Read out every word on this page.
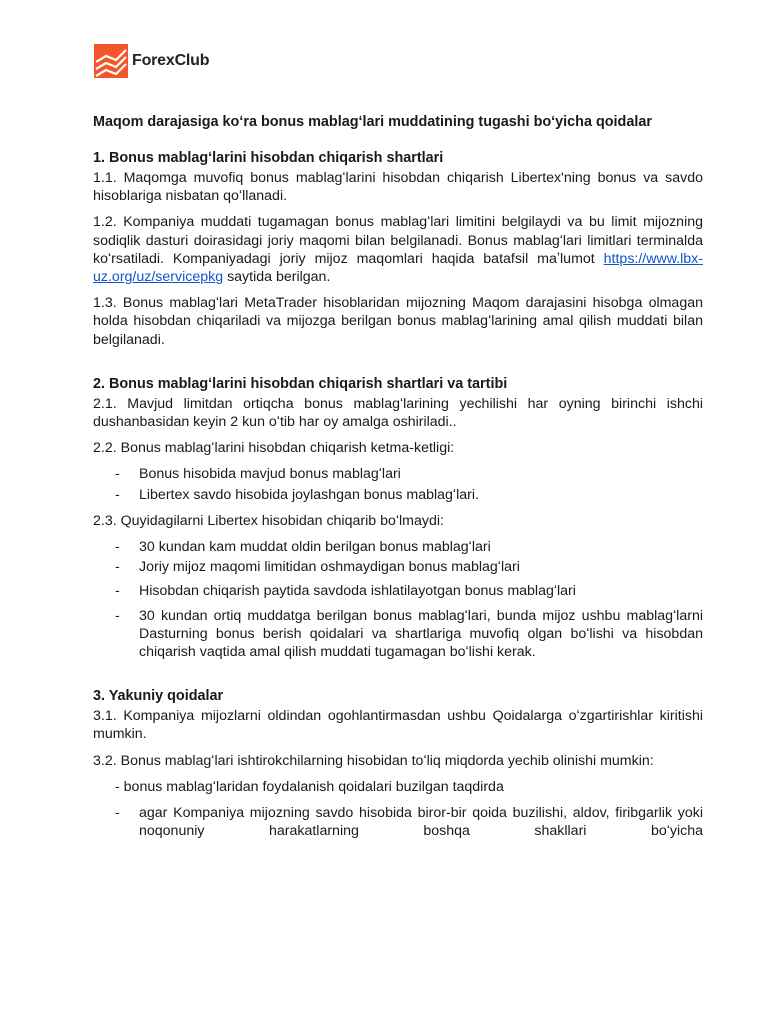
ForexClub
Maqom darajasiga koʻra bonus mablagʻlari muddatining tugashi boʻyicha qoidalar
1. Bonus mablagʻlarini hisobdan chiqarish shartlari

1.1. Maqomga muvofiq bonus mablagʻlarini hisobdan chiqarish Libertex'ning bonus va savdo hisoblariga nisbatan qoʻllanadi.

1.2. Kompaniya muddati tugamagan bonus mablagʻlari limitini belgilaydi va bu limit mijozning sodiqlik dasturi doirasidagi joriy maqomi bilan belgilanadi. Bonus mablagʻlari limitlari terminalda koʻrsatiladi. Kompaniyadagi joriy mijoz maqomlari haqida batafsil maʼlumot https://www.lbx-uz.org/uz/servicepkg saytida berilgan.

1.3. Bonus mablagʻlari MetaTrader hisoblaridan mijozning Maqom darajasini hisobga olmagan holda hisobdan chiqariladi va mijozga berilgan bonus mablagʻlarining amal qilish muddati bilan belgilanadi.

2. Bonus mablagʻlarini hisobdan chiqarish shartlari va tartibi

2.1. Mavjud limitdan ortiqcha bonus mablagʻlarining yechilishi har oyning birinchi ishchi dushanbasidan keyin 2 kun oʻtib har oy amalga oshiriladi..

2.2. Bonus mablagʻlarini hisobdan chiqarish ketma-ketligi:

- Bonus hisobida mavjud bonus mablagʻlari
- Libertex savdo hisobida joylashgan bonus mablagʻlari.

2.3. Quyidagilarni Libertex hisobidan chiqarib boʻlmaydi:

- 30 kundan kam muddat oldin berilgan bonus mablagʻlari
- Joriy mijoz maqomi limitidan oshmaydigan bonus mablagʻlari
- Hisobdan chiqarish paytida savdoda ishlatilayotgan bonus mablagʻlari
- 30 kundan ortiq muddatga berilgan bonus mablagʻlari, bunda mijoz ushbu mablagʻlarni Dasturning bonus berish qoidalari va shartlariga muvofiq olgan boʻlishi va hisobdan chiqarish vaqtida amal qilish muddati tugamagan boʻlishi kerak.
3. Yakuniy qoidalar

3.1. Kompaniya mijozlarni oldindan ogohlantirmasdan ushbu Qoidalarga oʻzgartirishlar kiritishi mumkin.

3.2. Bonus mablagʻlari ishtirokchilarning hisobidan toʻliq miqdorda yechib olinishi mumkin:

- bonus mablagʻlaridan foydalanish qoidalari buzilgan taqdirda
- agar Kompaniya mijozning savdo hisobida biror-bir qoida buzilishi, aldov, firibgarlik yoki noqonuniy harakatlarning boshqa shakllari boʻyicha
